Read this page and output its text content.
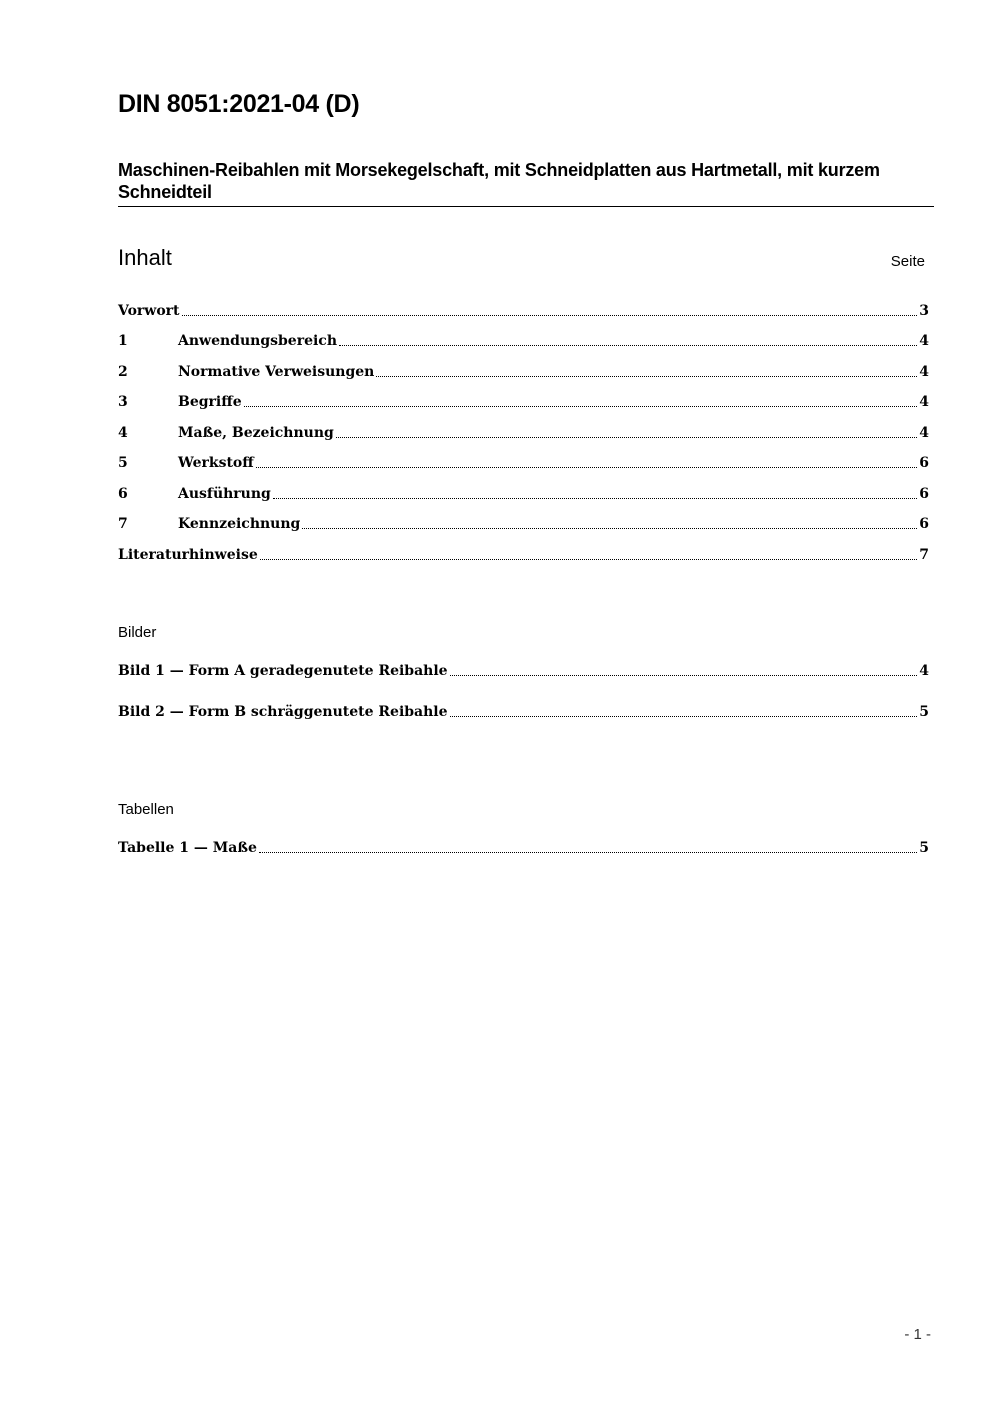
DIN 8051:2021-04 (D)
Maschinen-Reibahlen mit Morsekegelschaft, mit Schneidplatten aus Hartmetall, mit kurzem Schneidteil
Inhalt	Seite
Vorwort	3
1	Anwendungsbereich	4
2	Normative Verweisungen	4
3	Begriffe	4
4	Maße, Bezeichnung	4
5	Werkstoff	6
6	Ausführung	6
7	Kennzeichnung	6
Literaturhinweise	7
Bilder
Bild 1 — Form A geradegenutete Reibahle	4
Bild 2 — Form B schräggenutete Reibahle	5
Tabellen
Tabelle 1 — Maße	5
- 1 -
